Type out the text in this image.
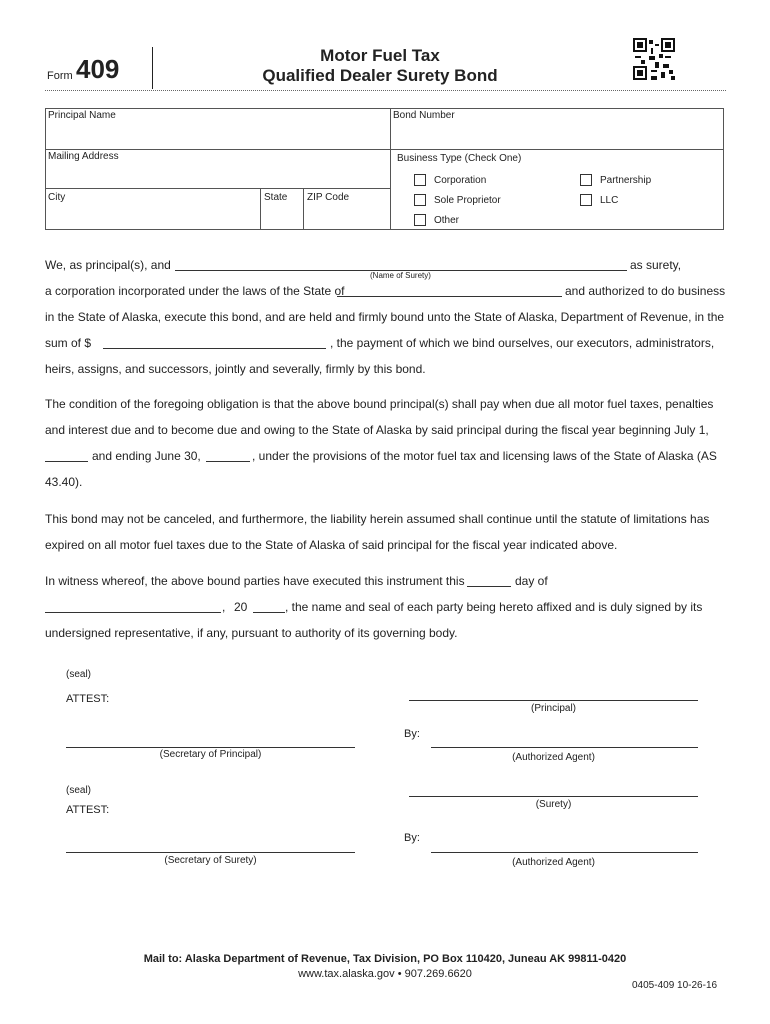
Form 409	Motor Fuel Tax
Qualified Dealer Surety Bond
Principal Name	Bond Number
Mailing Address	Business Type (Check One)
City	State ZIP Code
Corporation	Partnership
Sole Proprietor	LLC
Other
We, as principal(s), and	as surety,
(Name of Surety)
a corporation incorporated under the laws of the State of	and authorized to do business
in the State of Alaska, execute this bond, and are held and firmly bound unto the State of Alaska, Department of Revenue, in the
sum of $	, the payment of which we bind ourselves, our executors, administrators,
heirs, assigns, and successors, jointly and severally, firmly by this bond.
The condition of the foregoing obligation is that the above bound principal(s) shall pay when due all motor fuel taxes, penalties
and interest due and to become due and owing to the State of Alaska by said principal during the fiscal year beginning July 1,
and ending June 30,	, under the provisions of the motor fuel tax and licensing laws of the State of Alaska (AS
43.40).
This bond may not be canceled, and furthermore, the liability herein assumed shall continue until the statute of limitations has
expired on all motor fuel taxes due to the State of Alaska of said principal for the fiscal year indicated above.
In witness whereof, the above bound parties have executed this instrument this	day of
, 20	, the name and seal of each party being hereto affixed and is duly signed by its
undersigned representative, if any, pursuant to authority of its governing body.
(seal)
ATTEST:
(Principal)
By:
(Secretary of Principal)	(Authorized Agent)
(seal)
(Surety)
ATTEST:
By:
(Secretary of Surety)	(Authorized Agent)
Mail to: Alaska Department of Revenue, Tax Division, PO Box 110420, Juneau AK 99811-0420
www.tax.alaska.gov • 907.269.6620
0405-409 10-26-16
